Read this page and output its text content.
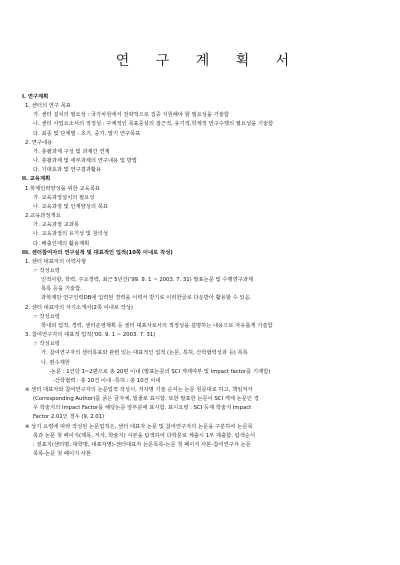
연 구 계 획 서
I. 연구계획
1. 센터의 연구 목표
가. 센터 설치의 필요성 : 국가차원에서 전략적으로 집중 지원해야 할 필요성을 기술함
나. 센터 사업요소서의 적정성 : 구체적인 목표중심의 접근적, 유기적,학제적 연구수행의 필요성을 기술함
다. 최종 및 단계별 : 초기, 중기, 말기 연구목표
2. 연구내용
가. 총괄과제 구성 및 과제간 연계
나. 총괄과제 및 세부과제의 연구내용 및 방법
다. 기대효과 및 연구결과활용
II. 교육계획
1.학제인력양성을 위한 교육목표
가. 교육과정설치의 필요성
나. 교육과정 및 인재양성의 목표
2.교육과정개요
가. 교육과정 교과목
나. 교육과정의 유기성 및 창의성
다. 배출인재의 활용계획
III. 센터참여자의 연구실적 및 대표적인 업적(10쪽 이내로 작성)
1. 센터 대표자의 이력사항
☞ 작성요령
인적사항, 학력, 주요경력, 최근 5년간('99. 9. 1 ~ 2003. 7. 31) 발표논문 및 수행연구과제
목록 등을 기술함.
과학재단 연구인력DB에 입력된 경력을 이력서 받기로 이러한글로 다운받아 활용할 수 있음.
2. 센터 대표자의 자기소개서(2쪽 이내로 작성)
☞ 작성요령
학내외 업적, 경력, 센터운영계획 등 센터 대표자로서의 적정성을 설명하는 내용으로 자유롭게 기술함
3. 참여연구자의 대표적 업적('00. 9. 1 ~ 2003. 7. 31)
☞ 작성요령
가. 참여연구자의 센터목표와 관련 있는 대표적인 업적 (논문, 특허, 산학협력성과 등) 목록
나. 편수제한
-논문 : 1인당 1~2편으로 총 20편 이내 (발표논문의 SCI 게재여부 및 Impact factor를 기재함)
-산학협력 : 총 10건 이내 -특허 : 총 10건 이내
※ 센터 대표자와 참여연구자의 논문업적 작성시, 저자명 기술 순서는 논문 원문대로 하고, 책임저자
(Corresponding Author)를 굵은 글자체, 밑줄로 표시함. 또한 발표한 논문이 SCI 게재 논문인 경
우 학술지의 Impact Factor를 해당논문 앞부분에 표시함. 표시요령 : SCI 등재 학술지 Impact
Factor 2.01인 경우 (9, 2.01)
※ 상기 요령에 따라 작성된 논문업적은, 센터 대표자 논문 및 참여연구자의 논문을 구분하여 논문목
록과 논문 첫 페이지(제목, 저자, 학술지) 사본을 탐색하여 다학문로 제출시 1부 제출함. 탐색순서
: 겉표지(센터명, 대학명, 대표자명)-센터대표자 논문목록-논문 첫 페이지 사본-참여연구자 논문
목록-논문 첫 페이지 사본
